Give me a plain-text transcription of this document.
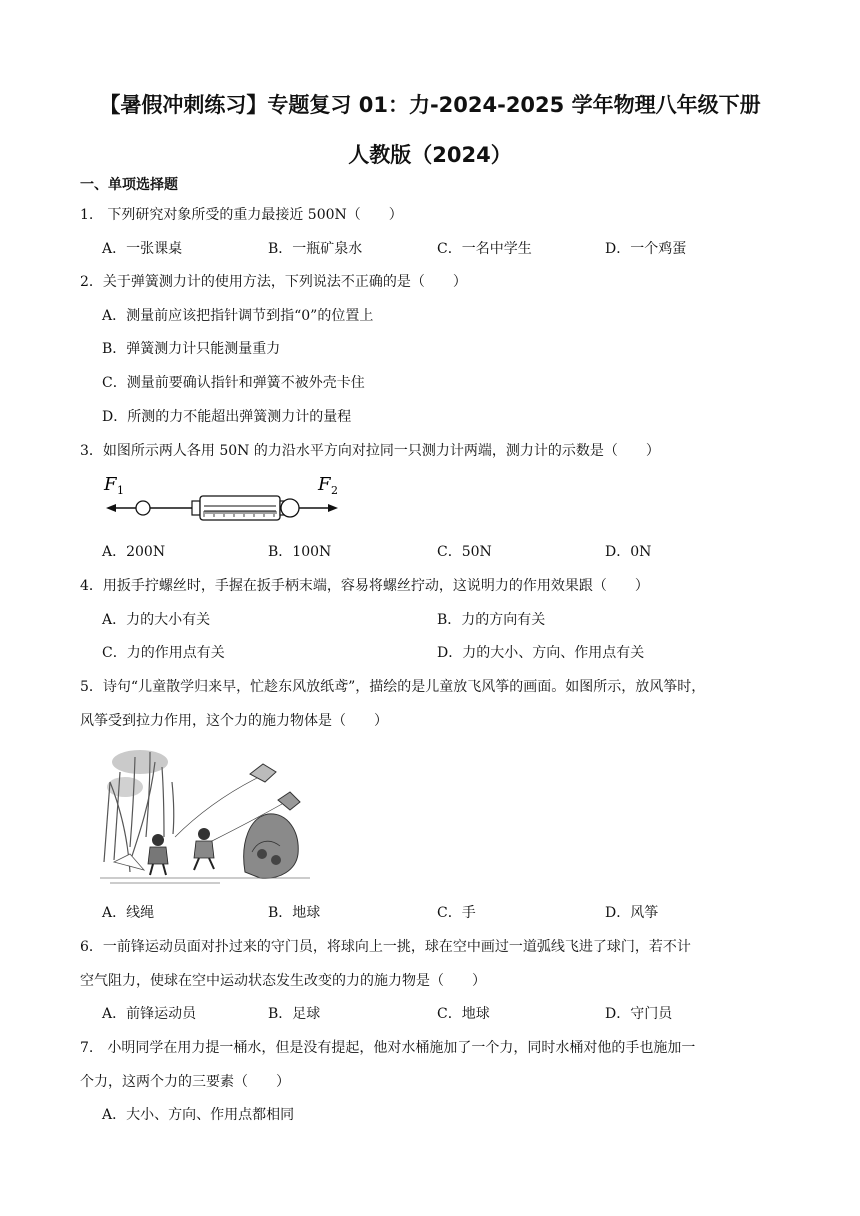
【暑假冲刺练习】专题复习 01：力-2024-2025 学年物理八年级下册
人教版（2024）
一、单项选择题
1.　下列研究对象所受的重力最接近 500N（　　）
A．一张课桌	B．一瓶矿泉水	C．一名中学生	D．一个鸡蛋
2．关于弹簧测力计的使用方法，下列说法不正确的是（　　）
A．测量前应该把指针调节到指“0”的位置上
B．弹簧测力计只能测量重力
C．测量前要确认指针和弹簧不被外壳卡住
D．所测的力不能超出弹簧测力计的量程
3．如图所示两人各用 50N 的力沿水平方向对拉同一只测力计两端，测力计的示数是（　　）
F 1	F 2
A．200N	B．100N	C．50N	D．0N
4．用扳手拧螺丝时，手握在扳手柄末端，容易将螺丝拧动，这说明力的作用效果跟（　　）
A．力的大小有关	B．力的方向有关
C．力的作用点有关	D．力的大小、方向、作用点有关
5．诗句“儿童散学归来早，忙趁东风放纸鸢”，描绘的是儿童放飞风筝的画面。如图所示，放风筝时，
风筝受到拉力作用，这个力的施力物体是（　　）
A．线绳	B．地球	C．手	D．风筝
6．一前锋运动员面对扑过来的守门员，将球向上一挑，球在空中画过一道弧线飞进了球门，若不计
空气阻力，使球在空中运动状态发生改变的力的施力物是（　　）
A．前锋运动员	B．足球	C．地球	D．守门员
7.　小明同学在用力提一桶水，但是没有提起，他对水桶施加了一个力，同时水桶对他的手也施加一
个力，这两个力的三要素（　　）
A．大小、方向、作用点都相同
